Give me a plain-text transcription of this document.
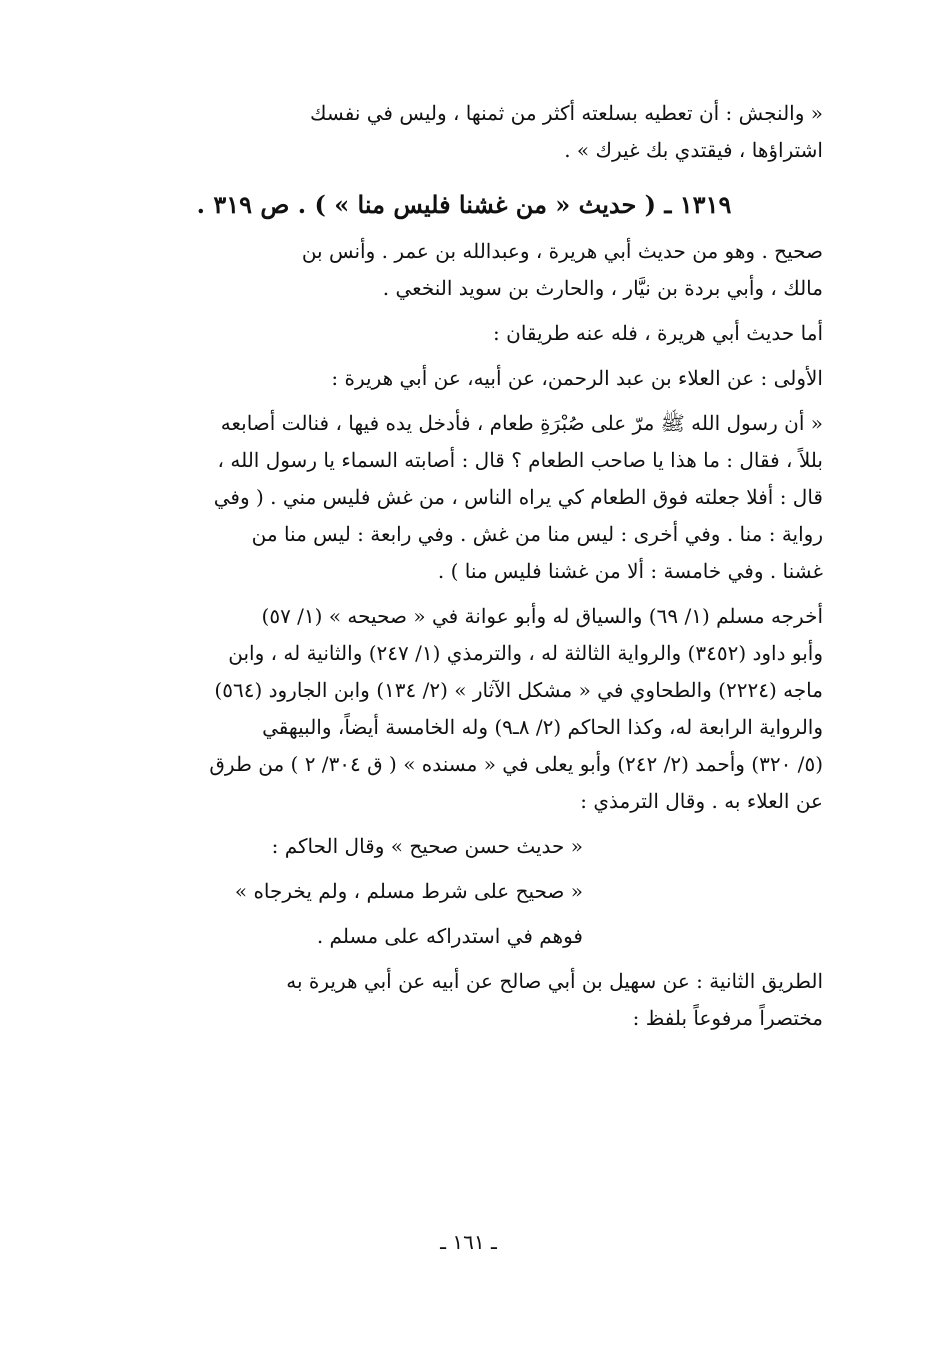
« والنجش : أن تعطيه بسلعته أكثر من ثمنها ، وليس في نفسك
اشتراؤها ، فيقتدي بك غيرك » .

١٣١٩ ـ ( حديث « من غشنا فليس منا » ) . ص ٣١٩ .

صحيح . وهو من حديث أبي هريرة ، وعبدالله بن عمر . وأنس بن
مالك ، وأبي بردة بن نيَّار ، والحارث بن سويد النخعي .

أما حديث أبي هريرة ، فله عنه طريقان :

الأولى : عن العلاء بن عبد الرحمن، عن أبيه، عن أبي هريرة :

« أن رسول الله ﷺ مرّ على صُبْرَةِ طعام ، فأدخل يده فيها ، فنالت أصابعه
بللاً ، فقال : ما هذا يا صاحب الطعام ؟ قال : أصابته السماء يا رسول الله ،
قال : أفلا جعلته فوق الطعام كي يراه الناس ، من غش فليس مني . ( وفي
رواية : منا . وفي أخرى : ليس منا من غش . وفي رابعة : ليس منا من
غشنا . وفي خامسة : ألا من غشنا فليس منا ) .

أخرجه مسلم (١/ ٦٩) والسياق له وأبو عوانة في « صحيحه » (١/ ٥٧)
وأبو داود (٣٤٥٢) والرواية الثالثة له ، والترمذي (١/ ٢٤٧) والثانية له ، وابن
ماجه (٢٢٢٤) والطحاوي في « مشكل الآثار » (٢/ ١٣٤) وابن الجارود (٥٦٤)
والرواية الرابعة له، وكذا الحاكم (٢/ ٨ـ٩) وله الخامسة أيضاً، والبيهقي
(٥/ ٣٢٠) وأحمد (٢/ ٢٤٢) وأبو يعلى في « مسنده » ( ق ٣٠٤/ ٢ ) من طرق
عن العلاء به . وقال الترمذي :

« حديث حسن صحيح » وقال الحاكم :

« صحيح على شرط مسلم ، ولم يخرجاه »

فوهم في استدراكه على مسلم .

الطريق الثانية : عن سهيل بن أبي صالح عن أبيه عن أبي هريرة به
مختصراً مرفوعاً بلفظ :

ـ ١٦١ ـ
